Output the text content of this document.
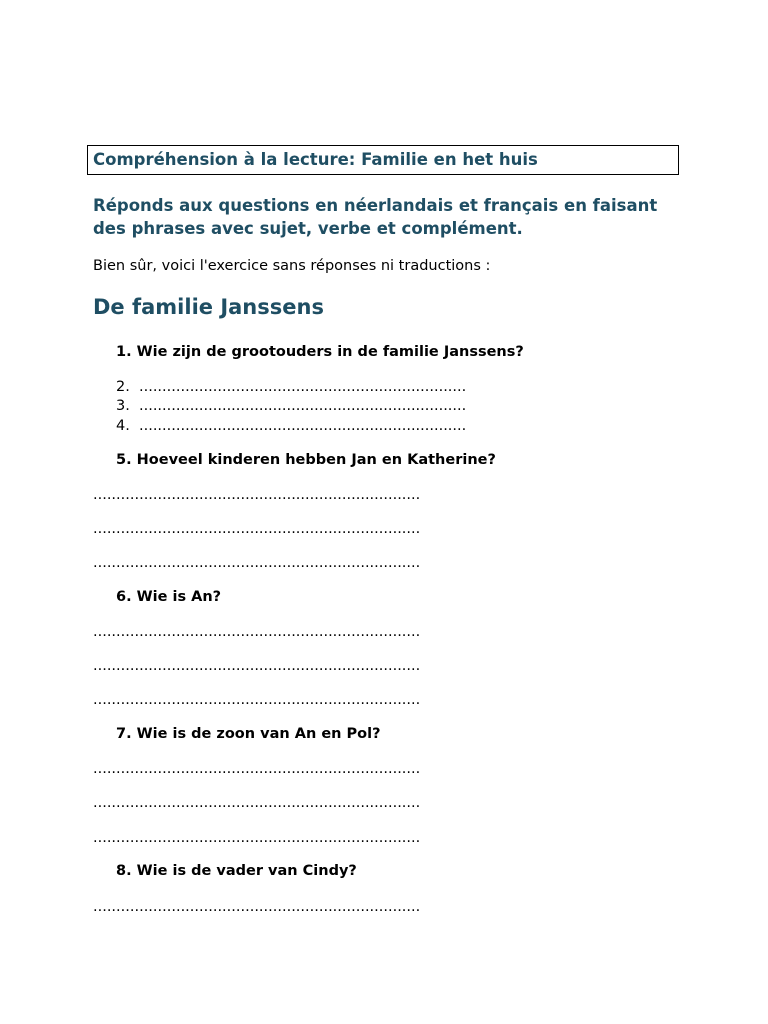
Compréhension à la lecture: Familie en het huis
Réponds aux questions en néerlandais et français en faisant des phrases avec sujet, verbe et complément.
Bien sûr, voici l'exercice sans réponses ni traductions :
De familie Janssens
1. Wie zijn de grootouders in de familie Janssens?
2. .......................................................................
3. .......................................................................
4. .......................................................................
5. Hoeveel kinderen hebben Jan en Katherine?
.......................................................................
.......................................................................
.......................................................................
6. Wie is An?
.......................................................................
.......................................................................
.......................................................................
7. Wie is de zoon van An en Pol?
.......................................................................
.......................................................................
.......................................................................
8. Wie is de vader van Cindy?
.......................................................................
